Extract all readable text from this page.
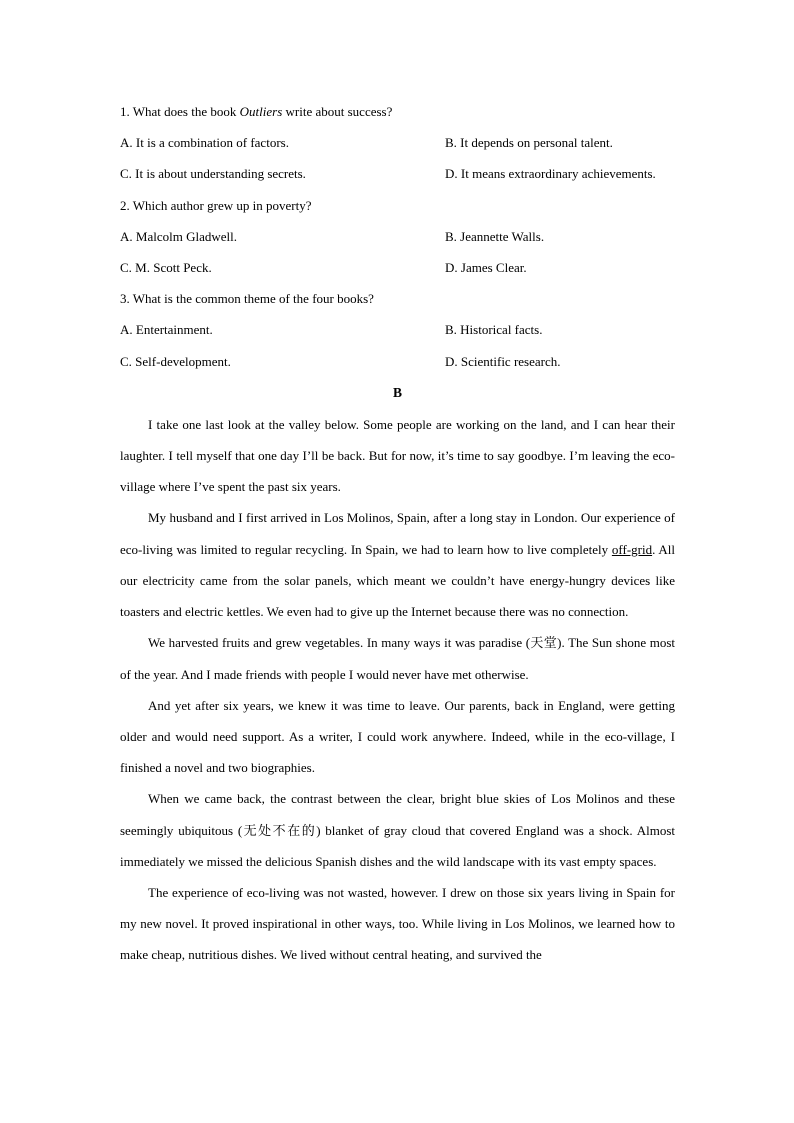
1. What does the book Outliers write about success?
A. It is a combination of factors.	B. It depends on personal talent.
C. It is about understanding secrets.	D. It means extraordinary achievements.
2. Which author grew up in poverty?
A. Malcolm Gladwell.	B. Jeannette Walls.
C. M. Scott Peck.	D. James Clear.
3. What is the common theme of the four books?
A. Entertainment.	B. Historical facts.
C. Self-development.	D. Scientific research.
B

I take one last look at the valley below. Some people are working on the land, and I can hear their laughter. I tell myself that one day I’ll be back. But for now, it’s time to say goodbye. I’m leaving the eco-village where I’ve spent the past six years.

My husband and I first arrived in Los Molinos, Spain, after a long stay in London. Our experience of eco-living was limited to regular recycling. In Spain, we had to learn how to live completely off-grid. All our electricity came from the solar panels, which meant we couldn’t have energy-hungry devices like toasters and electric kettles. We even had to give up the Internet because there was no connection.

We harvested fruits and grew vegetables. In many ways it was paradise (天堂). The Sun shone most of the year. And I made friends with people I would never have met otherwise.

And yet after six years, we knew it was time to leave. Our parents, back in England, were getting older and would need support. As a writer, I could work anywhere. Indeed, while in the eco-village, I finished a novel and two biographies.

When we came back, the contrast between the clear, bright blue skies of Los Molinos and these seemingly ubiquitous (无处不在的) blanket of gray cloud that covered England was a shock. Almost immediately we missed the delicious Spanish dishes and the wild landscape with its vast empty spaces.

The experience of eco-living was not wasted, however. I drew on those six years living in Spain for my new novel. It proved inspirational in other ways, too. While living in Los Molinos, we learned how to make cheap, nutritious dishes. We lived without central heating, and survived the
